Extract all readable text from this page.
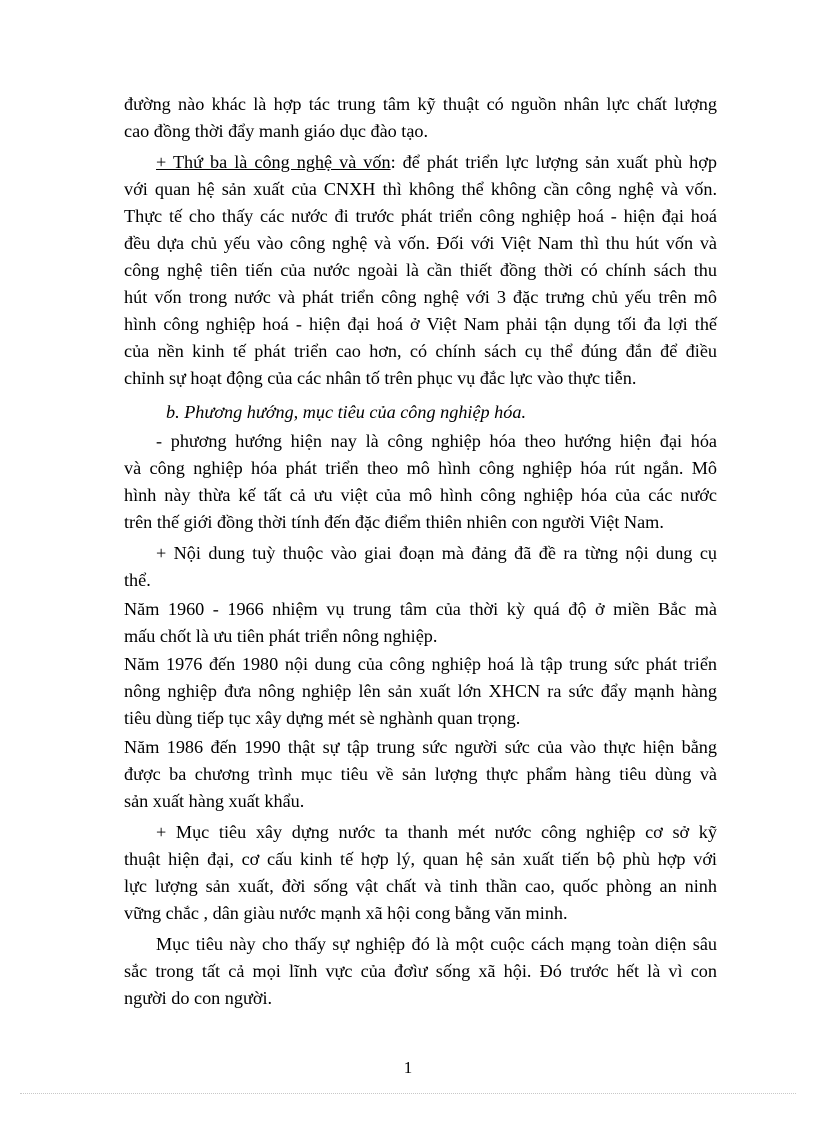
đường nào khác là hợp tác trung tâm kỹ thuật có nguồn nhân lực chất lượng
cao đồng thời đẩy manh giáo dục đào tạo.
+ Thứ ba là công nghệ và vốn: để phát triển lực lượng sản xuất phù hợp
với quan hệ sản xuất của CNXH thì không thể không cần công nghệ và vốn.
Thực tế cho thấy các nước đi trước phát triển công nghiệp hoá - hiện đại hoá
đều dựa chủ yếu vào công nghệ và vốn. Đối với Việt Nam thì thu hút vốn và
công nghệ tiên tiến của nước ngoài là cần thiết đồng thời có chính sách thu
hút vốn trong nước và phát triển công nghệ với 3 đặc trưng chủ yếu trên mô
hình công nghiệp hoá - hiện đại hoá ở Việt Nam phải tận dụng tối đa lợi thế
của nền kinh tế phát triển cao hơn, có chính sách cụ thể đúng đắn để điều
chỉnh sự hoạt động của các nhân tố trên phục vụ đắc lực vào thực tiễn.
b. Phương hướng, mục tiêu của công nghiệp hóa.
- phương hướng hiện nay là công nghiệp hóa theo hướng hiện đại hóa
và công nghiệp hóa phát triển theo mô hình công nghiệp hóa rút ngắn. Mô
hình này thừa kế tất cả ưu việt của mô hình công nghiệp hóa của các nước
trên thế giới đồng thời tính đến đặc điểm thiên nhiên con người Việt Nam.
+ Nội dung tuỳ thuộc vào giai đoạn mà đảng đã đề ra từng nội dung cụ
thể.
Năm 1960 - 1966 nhiệm vụ trung tâm của thời kỳ quá độ ở miền Bắc mà
mấu chốt là ưu tiên phát triển nông nghiệp.
Năm 1976 đến 1980 nội dung của công nghiệp hoá là tập trung sức phát triển
nông nghiệp đưa nông nghiệp lên sản xuất lớn XHCN ra sức đẩy mạnh hàng
tiêu dùng tiếp tục xây dựng mét sè nghành quan trọng.
Năm 1986 đến 1990 thật sự tập trung sức người sức của vào thực hiện bằng
được ba chương trình mục tiêu về sản lượng thực phẩm hàng tiêu dùng và
sản xuất hàng xuất khẩu.
+ Mục tiêu xây dựng nước ta thanh mét nước công nghiệp cơ sở kỹ
thuật hiện đại, cơ cấu kinh tế hợp lý, quan hệ sản xuất tiến bộ phù hợp với
lực lượng sản xuất, đời sống vật chất và tinh thần cao, quốc phòng an ninh
vững chắc , dân giàu nước mạnh xã hội cong bằng văn minh.
Mục tiêu này cho thấy sự nghiệp đó là một cuộc cách mạng toàn diện sâu
sắc trong tất cả mọi lĩnh vực của đơìư sống xã hội. Đó trước hết là vì con
người do con người.
1
